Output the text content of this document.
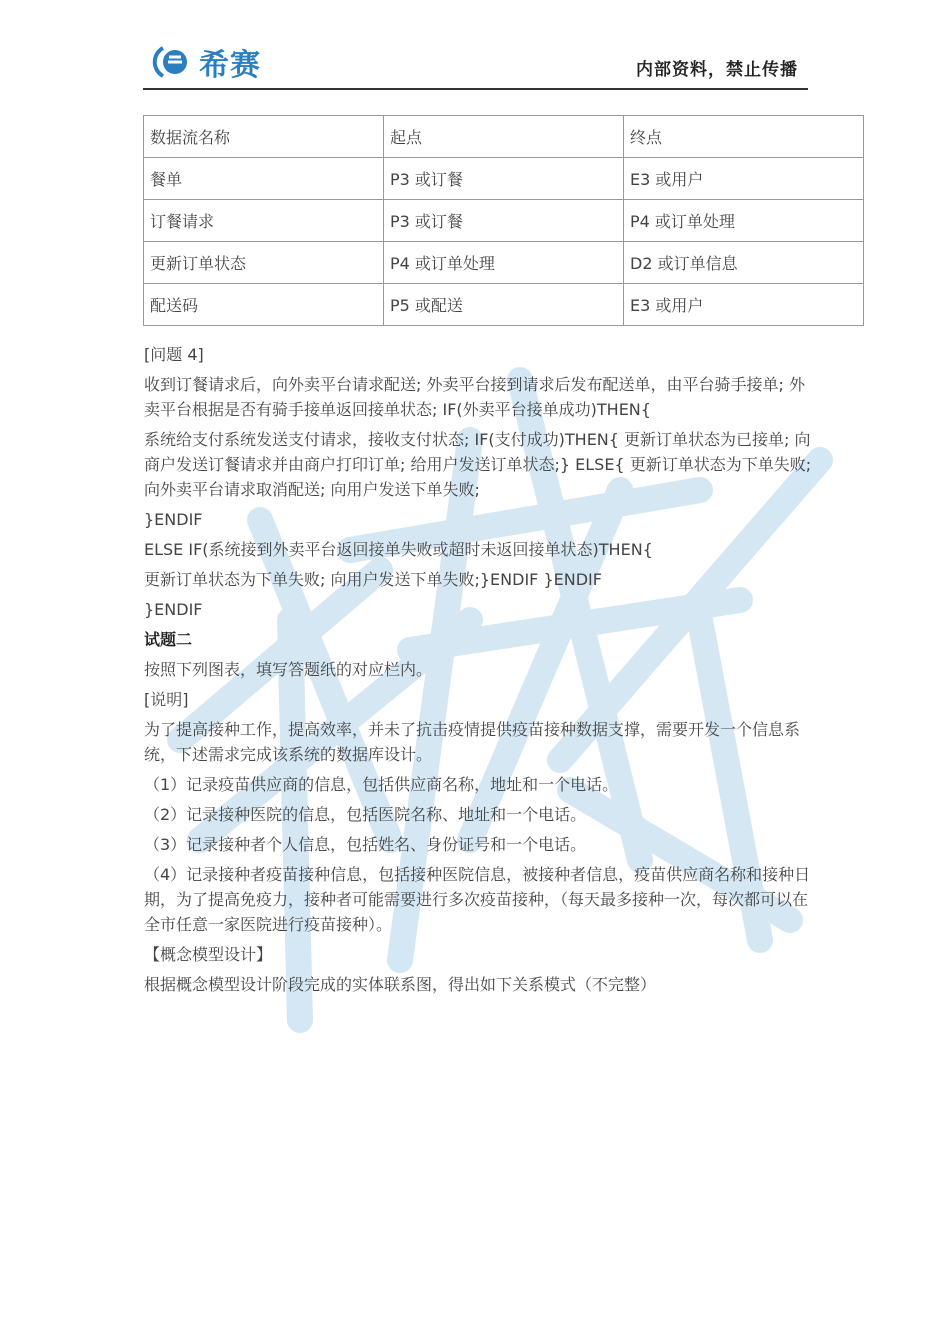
希赛	内部资料，禁止传播
数据流名称	起点	终点
餐单	P3 或订餐	E3 或用户
订餐请求	P3 或订餐	P4 或订单处理
更新订单状态	P4 或订单处理	D2 或订单信息
配送码	P5 或配送	E3 或用户

[问题 4]

收到订餐请求后，向外卖平台请求配送; 外卖平台接到请求后发布配送单，由平台骑手接单; 外卖平台根据是否有骑手接单返回接单状态; IF(外卖平台接单成功)THEN{

系统给支付系统发送支付请求，接收支付状态; IF(支付成功)THEN{ 更新订单状态为已接单; 向商户发送订餐请求并由商户打印订单; 给用户发送订单状态;} ELSE{ 更新订单状态为下单失败; 向外卖平台请求取消配送; 向用户发送下单失败;

}ENDIF

ELSE IF(系统接到外卖平台返回接单失败或超时未返回接单状态)THEN{

更新订单状态为下单失败; 向用户发送下单失败;}ENDIF }ENDIF

}ENDIF

试题二

按照下列图表，填写答题纸的对应栏内。

[说明]

为了提高接种工作，提高效率，并未了抗击疫情提供疫苗接种数据支撑，需要开发一个信息系统，下述需求完成该系统的数据库设计。

（1）记录疫苗供应商的信息，包括供应商名称，地址和一个电话。

（2）记录接种医院的信息，包括医院名称、地址和一个电话。

（3）记录接种者个人信息，包括姓名、身份证号和一个电话。

（4）记录接种者疫苗接种信息，包括接种医院信息，被接种者信息，疫苗供应商名称和接种日期，为了提高免疫力，接种者可能需要进行多次疫苗接种，（每天最多接种一次，每次都可以在全市任意一家医院进行疫苗接种）。

【概念模型设计】

根据概念模型设计阶段完成的实体联系图，得出如下关系模式（不完整）
